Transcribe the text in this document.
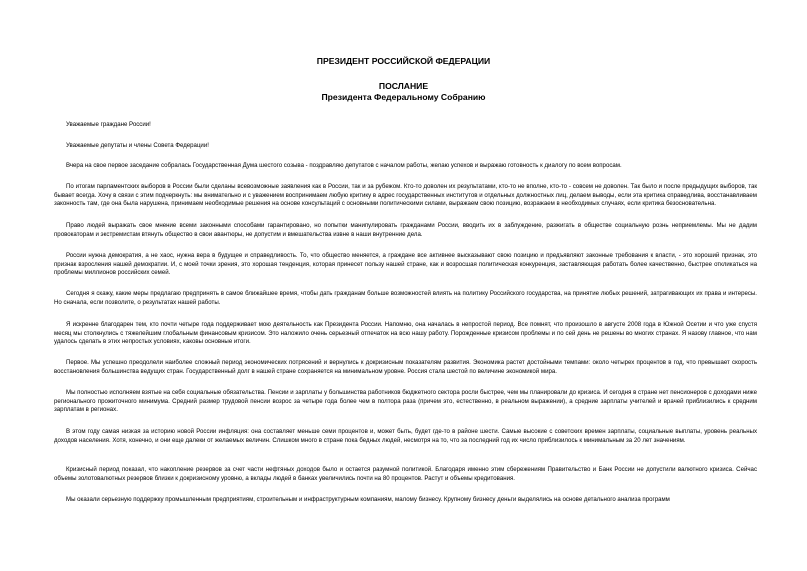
ПРЕЗИДЕНТ РОССИЙСКОЙ ФЕДЕРАЦИИ

ПОСЛАНИЕ

Президента Федеральному Собранию

Уважаемые граждане России!

Уважаемые депутаты и члены Совета Федерации!

Вчера на свое первое заседание собралась Государственная Дума шестого созыва - поздравляю депутатов с началом работы, желаю успехов и выражаю готовность к диалогу по всем вопросам.

По итогам парламентских выборов в России были сделаны всевозможные заявления как в России, так и за рубежом. Кто-то доволен их результатами, кто-то не вполне, кто-то - совсем не доволен. Так было и после предыдущих выборов, так бывает всегда. Хочу в связи с этим подчеркнуть: мы внимательно и с уважением воспринимаем любую критику в адрес государственных институтов и отдельных должностных лиц, делаем выводы, если эта критика справедлива, восстанавливаем законность там, где она была нарушена, принимаем необходимые решения на основе консультаций с основными политическими силами, выражаем свою позицию, возражаем в необходимых случаях, если критика безосновательна.

Право людей выражать свое мнение всеми законными способами гарантировано, но попытки манипулировать гражданами России, вводить их в заблуждение, разжигать в обществе социальную рознь неприемлемы. Мы не дадим провокаторам и экстремистам втянуть общество в свои авантюры, не допустим и вмешательства извне в наши внутренние дела.

России нужна демократия, а не хаос, нужна вера в будущее и справедливость. То, что общество меняется, а граждане все активнее высказывают свою позицию и предъявляют законные требования к власти, - это хороший признак, это признак взросления нашей демократии. И, с моей точки зрения, это хорошая тенденция, которая принесет пользу нашей стране, как и возросшая политическая конкуренция, заставляющая работать более качественно, быстрее откликаться на проблемы миллионов российских семей.

Сегодня я скажу, какие меры предлагаю предпринять в самое ближайшее время, чтобы дать гражданам больше возможностей влиять на политику Российского государства, на принятие любых решений, затрагивающих их права и интересы. Но сначала, если позволите, о результатах нашей работы.

Я искренне благодарен тем, кто почти четыре года поддерживает мою деятельность как Президента России. Напомню, она началась в непростой период. Все помнят, что произошло в августе 2008 года в Южной Осетии и что уже спустя месяц мы столкнулись с тяжелейшим глобальным финансовым кризисом. Это наложило очень серьезный отпечаток на всю нашу работу. Порожденные кризисом проблемы и по сей день не решены во многих странах. Я назову главное, что нам удалось сделать в этих непростых условиях, каковы основные итоги.

Первое. Мы успешно преодолели наиболее сложный период экономических потрясений и вернулись к докризисным показателям развития. Экономика растет достойными темпами: около четырех процентов в год, что превышает скорость восстановления большинства ведущих стран. Государственный долг в нашей стране сохраняется на минимальном уровне. Россия стала шестой по величине экономикой мира.

Мы полностью исполняем взятые на себя социальные обязательства. Пенсии и зарплаты у большинства работников бюджетного сектора росли быстрее, чем мы планировали до кризиса. И сегодня в стране нет пенсионеров с доходами ниже регионального прожиточного минимума. Средний размер трудовой пенсии возрос за четыре года более чем в полтора раза (причем это, естественно, в реальном выражении), а средние зарплаты учителей и врачей приблизились к средним зарплатам в регионах.

В этом году самая низкая за историю новой России инфляция: она составляет меньше семи процентов и, может быть, будет где-то в районе шести. Самые высокие с советских времен зарплаты, социальные выплаты, уровень реальных доходов населения. Хотя, конечно, и они еще далеки от желаемых величин. Слишком много в стране пока бедных людей, несмотря на то, что за последний год их число приблизилось к минимальным за 20 лет значениям.

Кризисный период показал, что накопление резервов за счет части нефтяных доходов было и остается разумной политикой. Благодаря именно этим сбережениям Правительство и Банк России не допустили валютного кризиса. Сейчас объемы золотовалютных резервов близки к докризисному уровню, а вклады людей в банках увеличились почти на 80 процентов. Растут и объемы кредитования.

Мы оказали серьезную поддержку промышленным предприятиям, строительным и инфраструктурным компаниям, малому бизнесу. Крупному бизнесу деньги выделялись на основе детального анализа программ
